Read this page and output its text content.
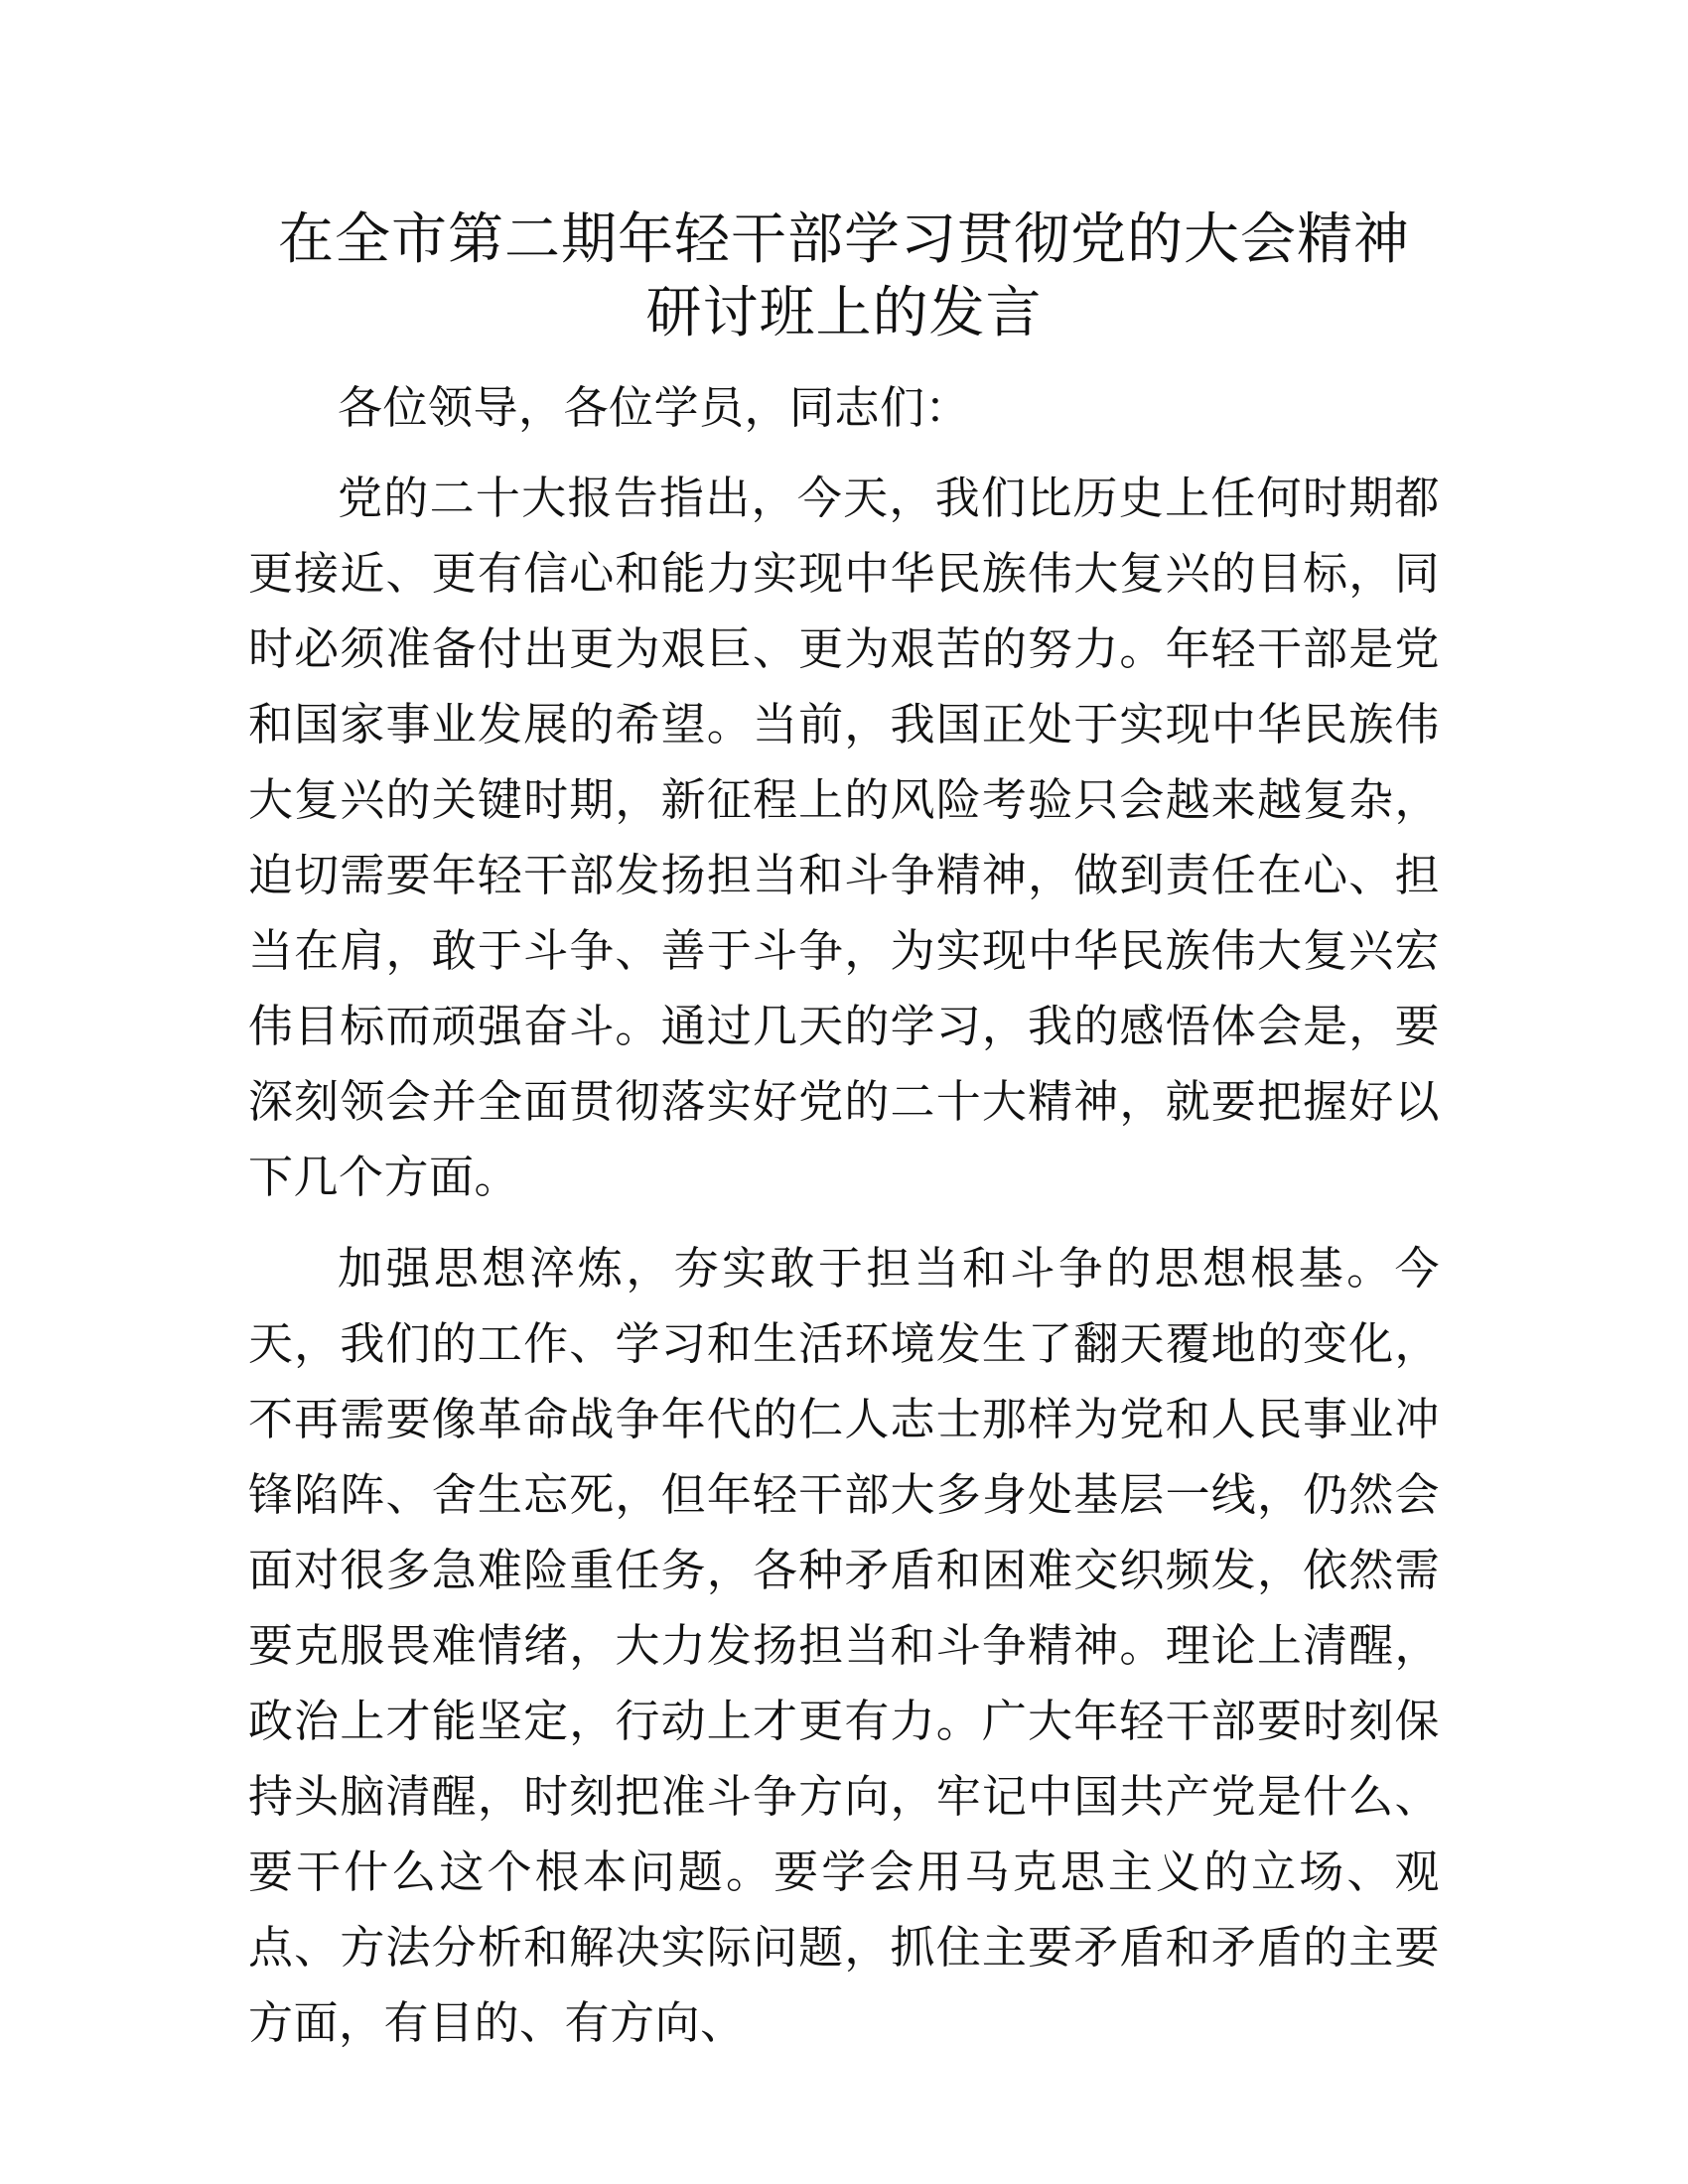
在全市第二期年轻干部学习贯彻党的大会精神
研讨班上的发言

各位领导，各位学员，同志们：

党的二十大报告指出，今天，我们比历史上任何时期都更接近、更有信心和能力实现中华民族伟大复兴的目标，同时必须准备付出更为艰巨、更为艰苦的努力。年轻干部是党和国家事业发展的希望。当前，我国正处于实现中华民族伟大复兴的关键时期，新征程上的风险考验只会越来越复杂，迫切需要年轻干部发扬担当和斗争精神，做到责任在心、担当在肩，敢于斗争、善于斗争，为实现中华民族伟大复兴宏伟目标而顽强奋斗。通过几天的学习，我的感悟体会是，要深刻领会并全面贯彻落实好党的二十大精神，就要把握好以下几个方面。

加强思想淬炼，夯实敢于担当和斗争的思想根基。今天，我们的工作、学习和生活环境发生了翻天覆地的变化，不再需要像革命战争年代的仁人志士那样为党和人民事业冲锋陷阵、舍生忘死，但年轻干部大多身处基层一线，仍然会面对很多急难险重任务，各种矛盾和困难交织频发，依然需要克服畏难情绪，大力发扬担当和斗争精神。理论上清醒，政治上才能坚定，行动上才更有力。广大年轻干部要时刻保持头脑清醒，时刻把准斗争方向，牢记中国共产党是什么、要干什么这个根本问题。要学会用马克思主义的立场、观点、方法分析和解决实际问题，抓住主要矛盾和矛盾的主要方面，有目的、有方向、
